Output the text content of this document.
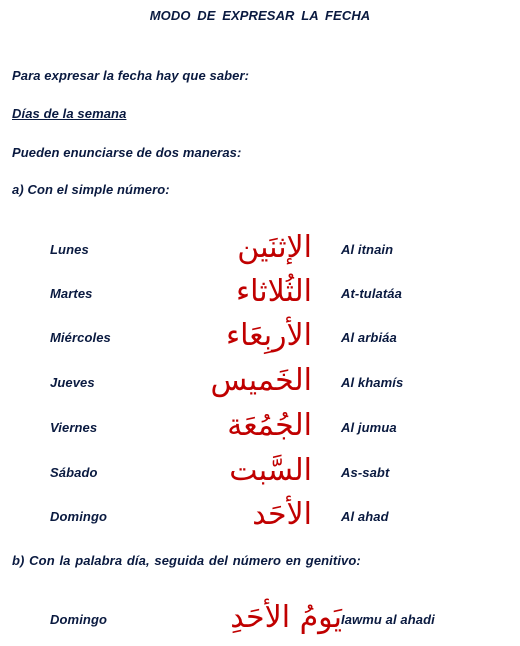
MODO DE EXPRESAR LA FECHA
Para expresar la fecha hay que saber:
Días de la semana
Pueden enunciarse de dos maneras:
a) Con el simple número:
Lunes	الإثنَين Al itnain
Martes	الثُلاثاء At-tulatáa
Miércoles	الأربِعَاء Al arbiáa
Jueves	الخَميس Al khamís
Viernes	الجُمُعَة Al jumua
Sábado	السَّبت As-sabt
Domingo	الأحَد Al ahad
b) Con la palabra día, seguida del número en genitivo:
Domingo	يَومُ الأحَدِ Iawmu al ahadi
